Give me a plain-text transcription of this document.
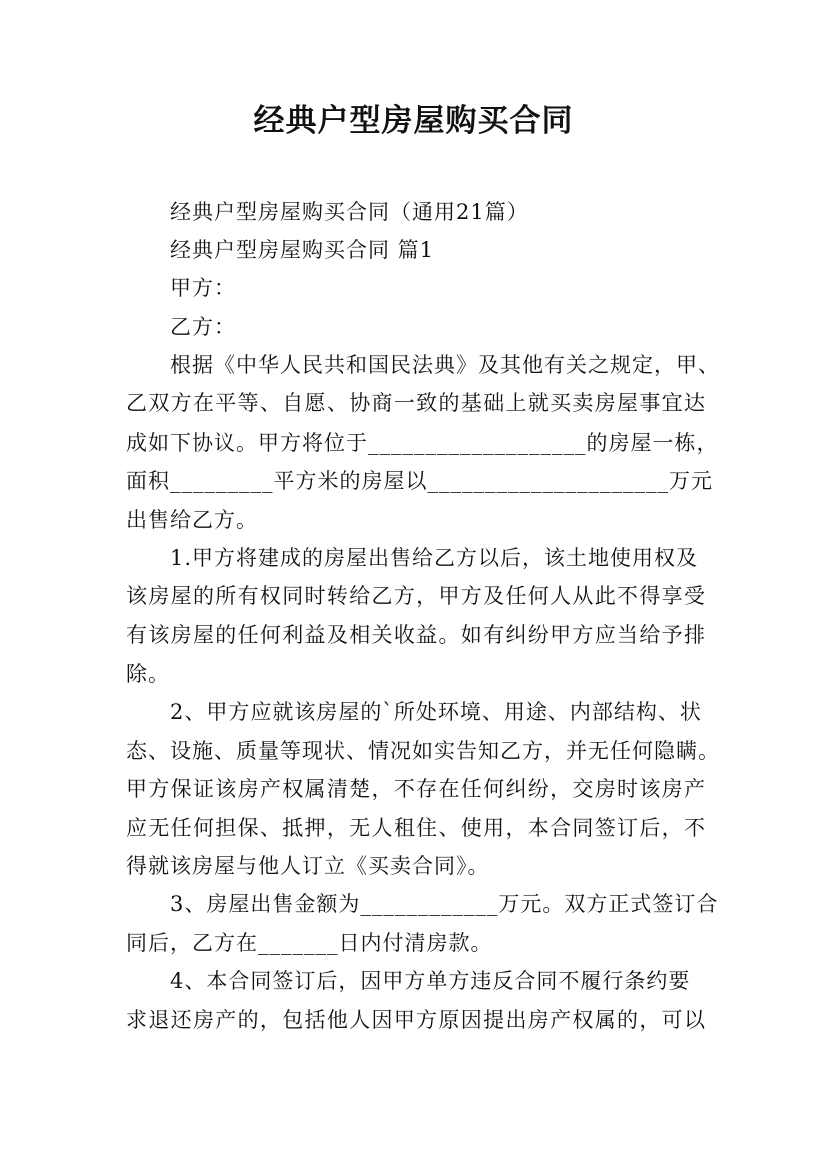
经典户型房屋购买合同
经典户型房屋购买合同（通用21篇）
经典户型房屋购买合同 篇1
甲方：
乙方：
根据《中华人民共和国民法典》及其他有关之规定，甲、
乙双方在平等、自愿、协商一致的基础上就买卖房屋事宜达
成如下协议。甲方将位于___________________的房屋一栋，
面积_________平方米的房屋以_____________________万元
出售给乙方。
1.甲方将建成的房屋出售给乙方以后，该土地使用权及
该房屋的所有权同时转给乙方，甲方及任何人从此不得享受
有该房屋的任何利益及相关收益。如有纠纷甲方应当给予排
除。
2、甲方应就该房屋的`所处环境、用途、内部结构、状
态、设施、质量等现状、情况如实告知乙方，并无任何隐瞒。
甲方保证该房产权属清楚，不存在任何纠纷，交房时该房产
应无任何担保、抵押，无人租住、使用，本合同签订后，不
得就该房屋与他人订立《买卖合同》。
3、房屋出售金额为____________万元。双方正式签订合
同后，乙方在_______日内付清房款。
4、本合同签订后，因甲方单方违反合同不履行条约要
求退还房产的，包括他人因甲方原因提出房产权属的，可以
